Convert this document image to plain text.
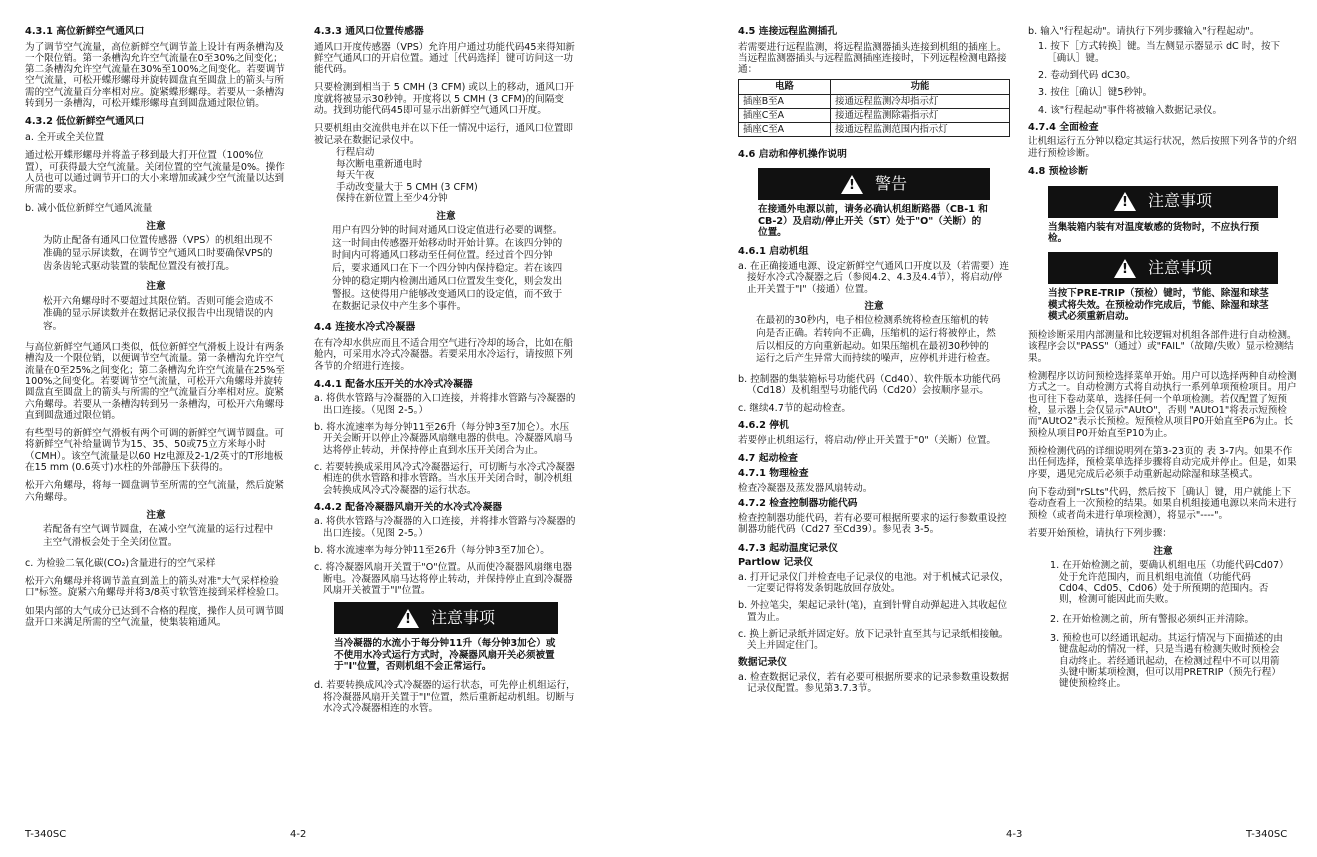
4.3.1 高位新鲜空气通风口

为了调节空气流量，高位新鲜空气调节盖上设计有两条槽沟及一个限位销。第一条槽沟允许空气流量在0至30%之间变化；第二条槽沟允许空气流量在30%至100%之间变化。若要调节空气流量，可松开蝶形螺母并旋转圆盘直至圆盘上的箭头与所需的空气流量百分率相对应。旋紧蝶形螺母。若要从一条槽沟转到另一条槽沟，可松开蝶形螺母直到圆盘通过限位销。

4.3.2 低位新鲜空气通风口

a. 全开或全关位置

通过松开蝶形螺母并将盖子移到最大打开位置（100%位置），可获得最大空气流量。关闭位置的空气流量是0%。操作人员也可以通过调节开口的大小来增加或减少空气流量以达到所需的要求。

b. 减小低位新鲜空气通风流量

注意
为防止配备有通风口位置传感器（VPS）的机组出现不准确的显示屏读数，在调节空气通风口时要确保VPS的齿条齿轮式驱动装置的装配位置没有被打乱。
注意
松开六角螺母时不要超过其限位销。否则可能会造成不准确的显示屏读数并在数据记录仪报告中出现错误的内容。

与高位新鲜空气通风口类似，低位新鲜空气滑板上设计有两条槽沟及一个限位销，以便调节空气流量。第一条槽沟允许空气流量在0至25%之间变化；第二条槽沟允许空气流量在25%至100%之间变化。若要调节空气流量，可松开六角螺母并旋转圆盘直至圆盘上的箭头与所需的空气流量百分率相对应。旋紧六角螺母。若要从一条槽沟转到另一条槽沟，可松开六角螺母直到圆盘通过限位销。

有些型号的新鲜空气滑板有两个可调的新鲜空气调节圆盘。可将新鲜空气补给量调节为15、35、50或75立方米每小时（CMH）。该空气流量是以60 Hz电源及2-1/2英寸的T形地板在15 mm (0.6英寸)水柱的外部静压下获得的。

松开六角螺母，将每一圆盘调节至所需的空气流量，然后旋紧六角螺母。

注意
若配备有空气调节圆盘，在减小空气流量的运行过程中主空气滑板会处于全关闭位置。

c. 为检验二氧化碳(CO₂)含量进行的空气采样

松开六角螺母并将调节盖直到盖上的箭头对准"大气采样检验口"标签。旋紧六角螺母并将3/8英寸软管连接到采样检验口。

如果内部的大气成分已达到不合格的程度，操作人员可调节圆盘开口来满足所需的空气流量，使集装箱通风。

4.3.3 通风口位置传感器

通风口开度传感器（VPS）允许用户通过功能代码45来得知新鲜空气通风口的开启位置。通过［代码选择］键可访问这一功能代码。

只要检测到相当于 5 CMH (3 CFM) 或以上的移动，通风口开度就将被显示30秒钟。开度将以 5 CMH (3 CFM)的间隔变动。找到功能代码45即可显示出新鲜空气通风口开度。

只要机组由交流供电并在以下任一情况中运行，通风口位置即被记录在数据记录仪中。

行程启动
每次断电重新通电时
每天午夜
手动改变量大于 5 CMH (3 CFM)
保持在新位置上至少4分钟
注意
用户有四分钟的时间对通风口设定值进行必要的调整。这一时间由传感器开始移动时开始计算。在该四分钟的时间内可将通风口移动至任何位置。经过首个四分钟后，要求通风口在下一个四分钟内保持稳定。若在该四分钟的稳定期内检测出通风口位置发生变化，则会发出警报。这使得用户能够改变通风口的设定值，而不致于在数据记录仪中产生多个事件。
4.4 连接水冷式冷凝器

在有冷却水供应而且不适合用空气进行冷却的场合，比如在船舱内，可采用水冷式冷凝器。若要采用水冷运行，请按照下列各节的介绍进行连接。

4.4.1 配备水压开关的水冷式冷凝器
a. 将供水管路与冷凝器的入口连接，并将排水管路与冷凝器的出口连接。（见图 2-5。）
b. 将水流速率为每分钟11至26升（每分钟3至7加仑）。水压开关会断开以停止冷凝器风扇继电器的供电。冷凝器风扇马达将停止转动，并保持停止直到水压开关闭合为止。
c. 若要转换成采用风冷式冷凝器运行，可切断与水冷式冷凝器相连的供水管路和排水管路。当水压开关闭合时，制冷机组会转换成风冷式冷凝器的运行状态。
4.4.2 配备冷凝器风扇开关的水冷式冷凝器
a. 将供水管路与冷凝器的入口连接，并将排水管路与冷凝器的出口连接。（见图 2-5。）
b. 将水流速率为每分钟11至26升（每分钟3至7加仑）。
c. 将冷凝器风扇开关置于"O"位置。从而使冷凝器风扇继电器断电。冷凝器风扇马达将停止转动，并保持停止直到冷凝器风扇开关被置于"I"位置。
!
注意事项
当冷凝器的水流小于每分钟11升（每分钟3加仑）或不使用水冷式运行方式时，冷凝器风扇开关必须被置于"I"位置，否则机组不会正常运行。
d. 若要转换成风冷式冷凝器的运行状态，可先停止机组运行，将冷凝器风扇开关置于"I"位置，然后重新起动机组。切断与水冷式冷凝器相连的水管。
T-340SC	4-2
4.5 连接远程监测插孔

若需要进行远程监测，将远程监测器插头连接到机组的插座上。当远程监测器插头与远程监测插座连接时，下列远程检测电路接通：

电路	功能
插座B至A	接通远程监测冷却指示灯
插座C至A	接通远程监测除霜指示灯
插座C至A	接通远程监测范围内指示灯
4.6 启动和停机操作说明
!
警告
在接通外电源以前，请务必确认机组断路器（CB-1 和 CB-2）及启动/停止开关（ST）处于"O"（关断）的位置。
4.6.1 启动机组
a. 在正确接通电源、设定新鲜空气通风口开度以及（若需要）连接好水冷式冷凝器之后（参阅4.2、4.3及4.4节），将启动/停止开关置于"I"（接通）位置。
注意
在最初的30秒内，电子相位检测系统将检查压缩机的转向是否正确。若转向不正确，压缩机的运行将被停止，然后以相反的方向重新起动。如果压缩机在最初30秒钟的运行之后产生异常大而持续的噪声，应停机并进行检查。
b. 控制器的集装箱标号功能代码（Cd40）、软件版本功能代码（Cd18）及机组型号功能代码（Cd20）会按顺序显示。
c. 继续4.7节的起动检查。
4.6.2 停机

若要停止机组运行，将启动/停止开关置于"0"（关断）位置。

4.7 起动检查
4.7.1 物理检查

检查冷凝器及蒸发器风扇转动。

4.7.2 检查控制器功能代码

检查控制器功能代码，若有必要可根据所要求的运行参数重设控制器功能代码（Cd27 至Cd39）。参见表 3-5。

4.7.3 起动温度记录仪
Partlow 记录仪
a. 打开记录仪门并检查电子记录仪的电池。对于机械式记录仪，一定要记得将发条钥匙放回存放处。
b. 外拉笔尖，架起记录针(笔)，直到针臂自动弹起进入其收起位置为止。
c. 换上新记录纸并固定好。放下记录针直至其与记录纸相接触。关上并固定住门。
数据记录仪
a. 检查数据记录仪，若有必要可根据所要求的记录参数重设数据记录仪配置。参见第3.7.3节。

b. 输入"行程起动"。请执行下列步骤输入"行程起动"。

1. 按下［方式转换］键。当左侧显示器显示 dC 时，按下［确认］键。
2. 卷动到代码 dC30。
3. 按住［确认］键5秒钟。
4. 该"行程起动"事件将被输入数据记录仪。
4.7.4 全面检查

让机组运行五分钟以稳定其运行状况，然后按照下列各节的介绍进行预检诊断。

4.8 预检诊断
!
注意事项
当集装箱内装有对温度敏感的货物时，不应执行预检。
!
注意事项
当按下PRE-TRIP（预检）键时，节能、除湿和球茎模式将失效。在预检动作完成后，节能、除湿和球茎模式必须重新启动。

预检诊断采用内部测量和比较逻辑对机组各部件进行自动检测。该程序会以"PASS"（通过）或"FAIL"（故障/失败）显示检测结果。

检测程序以访问预检选择菜单开始。用户可以选择两种自动检测方式之一。自动检测方式将自动执行一系列单项预检项目。用户也可往下卷动菜单，选择任何一个单项检测。若仅配置了短预检，显示器上会仅显示"AUtO"，否则 "AUtO1"将表示短预检而"AUtO2"表示长预检。短预检从项目P0开始直至P6为止。长预检从项目P0开始直至P10为止。

预检检测代码的详细说明列在第3-23页的 表 3-7内。如果不作出任何选择，预检菜单选择步骤将自动完成并停止。但是，如果序要，遇见完成后必须手动重新起动除湿和球茎模式。

向下卷动到"rSLts"代码，然后按下［确认］键，用户就能上下卷动查看上一次预检的结果。如果自机组接通电源以来尚未进行预检（或者尚未进行单项检测），将显示"----"。

若要开始预检，请执行下列步骤：

注意
1. 在开始检测之前，要确认机组电压（功能代码Cd07）处于允许范围内，而且机组电流值（功能代码Cd04、Cd05、Cd06）处于所预期的范围内。否则，检测可能因此而失败。
2. 在开始检测之前，所有警报必须纠正并清除。
3. 预检也可以经通讯起动。其运行情况与下面描述的由键盘起动的情况一样，只是当遇有检测失败时预检会自动终止。若经通讯起动，在检测过程中不可以用箭头键中断某项检测，但可以用PRETRIP（预先行程）键使预检终止。
4-3	T-340SC
